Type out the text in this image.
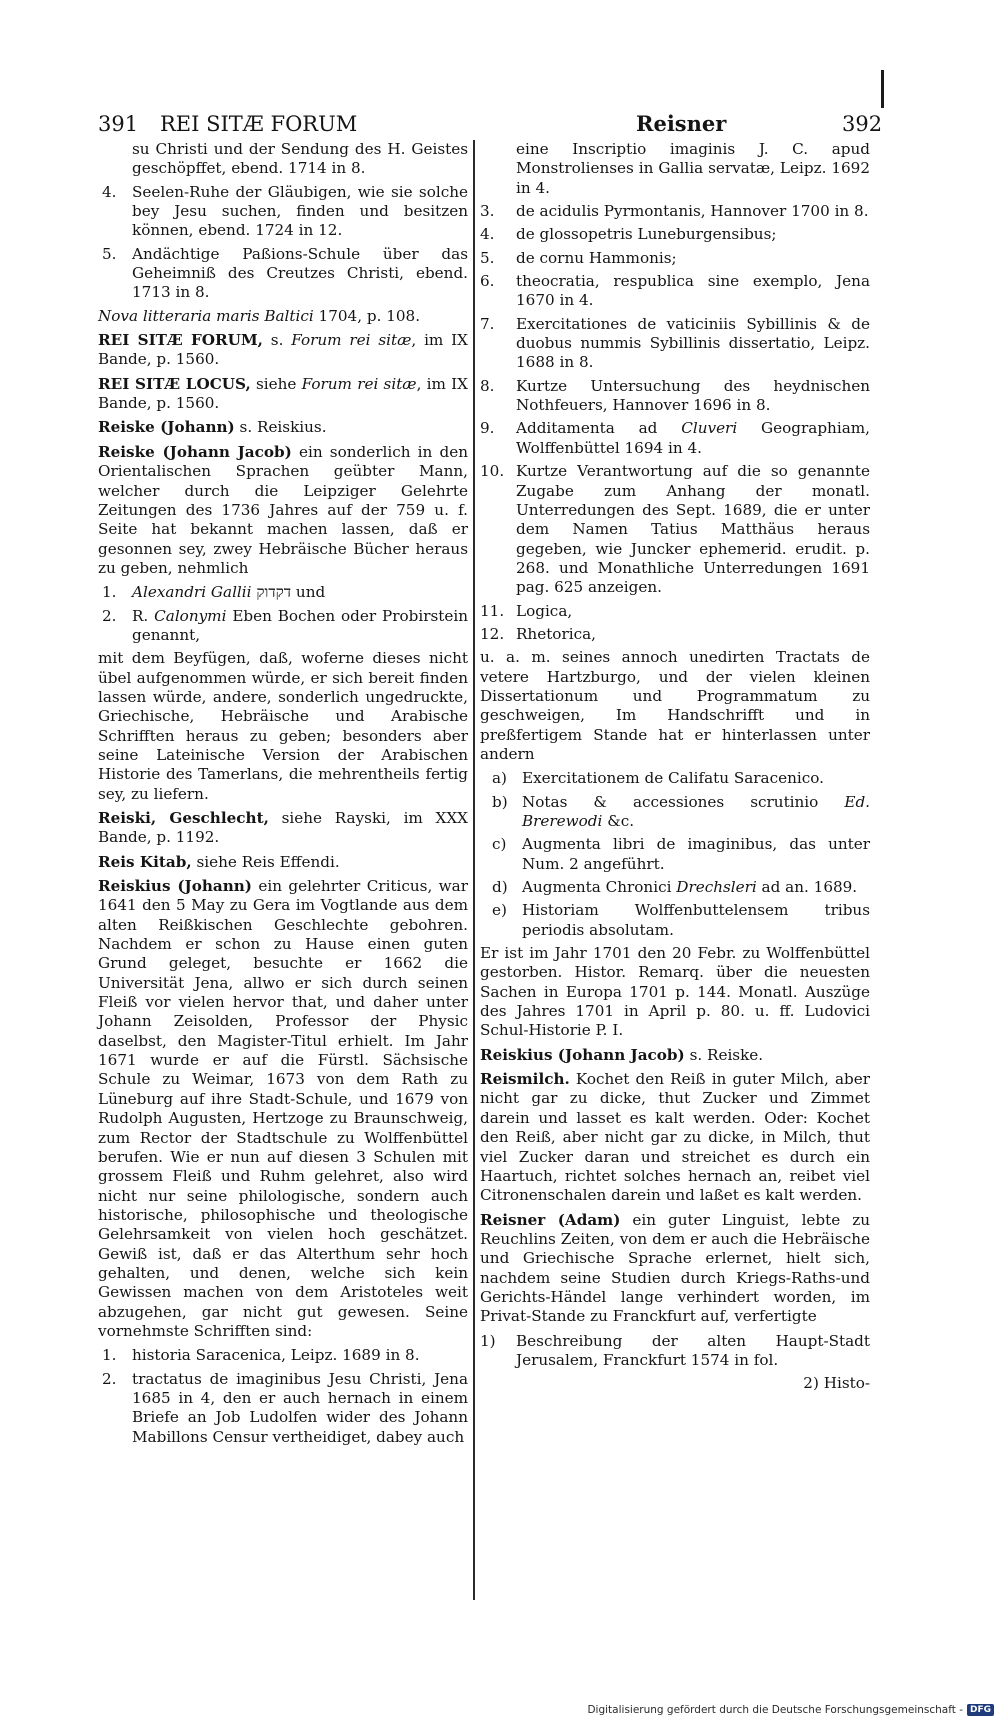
391 REI SITÆ FORUM	Reisner	392
su Christi und der Sendung des H. Geistes geschöpffet, ebend. 1714 in 8.
4.	Seelen-Ruhe der Gläubigen, wie sie solche bey Jesu suchen, finden und besitzen können, ebend. 1724 in 12.
5.	Andächtige Paßions-Schule über das Geheimniß des Creutzes Christi, ebend. 1713 in 8.

Nova litteraria maris Baltici 1704, p. 108.

REI SITÆ FORUM, s. Forum rei sitæ, im IX Bande, p. 1560.

REI SITÆ LOCUS, siehe Forum rei sitæ, im IX Bande, p. 1560.

Reiske (Johann) s. Reiskius.

Reiske (Johann Jacob) ein sonderlich in den Orientalischen Sprachen geübter Mann, welcher durch die Leipziger Gelehrte Zeitungen des 1736 Jahres auf der 759 u. f. Seite hat bekannt machen lassen, daß er gesonnen sey, zwey Hebräische Bücher heraus zu geben, nehmlich

1.	Alexandri Gallii דקדוק und
2.	R. Calonymi Eben Bochen oder Probirstein genannt,

mit dem Beyfügen, daß, woferne dieses nicht übel aufgenommen würde, er sich bereit finden lassen würde, andere, sonderlich ungedruckte, Griechische, Hebräische und Arabische Schrifften heraus zu geben; besonders aber seine Lateinische Version der Arabischen Historie des Tamerlans, die mehrentheils fertig sey, zu liefern.

Reiski, Geschlecht, siehe Rayski, im XXX Bande, p. 1192.

Reis Kitab, siehe Reis Effendi.

Reiskius (Johann) ein gelehrter Criticus, war 1641 den 5 May zu Gera im Vogtlande aus dem alten Reißkischen Geschlechte gebohren. Nachdem er schon zu Hause einen guten Grund geleget, besuchte er 1662 die Universität Jena, allwo er sich durch seinen Fleiß vor vielen hervor that, und daher unter Johann Zeisolden, Professor der Physic daselbst, den Magister-Titul erhielt. Im Jahr 1671 wurde er auf die Fürstl. Sächsische Schule zu Weimar, 1673 von dem Rath zu Lüneburg auf ihre Stadt-Schule, und 1679 von Rudolph Augusten, Hertzoge zu Braunschweig, zum Rector der Stadtschule zu Wolffenbüttel berufen. Wie er nun auf diesen 3 Schulen mit grossem Fleiß und Ruhm gelehret, also wird nicht nur seine philologische, sondern auch historische, philosophische und theologische Gelehrsamkeit von vielen hoch geschätzet. Gewiß ist, daß er das Alterthum sehr hoch gehalten, und denen, welche sich kein Gewissen machen von dem Aristoteles weit abzugehen, gar nicht gut gewesen. Seine vornehmste Schrifften sind:

1.	historia Saracenica, Leipz. 1689 in 8.
2.	tractatus de imaginibus Jesu Christi, Jena 1685 in 4, den er auch hernach in einem Briefe an Job Ludolfen wider des Johann Mabillons Censur vertheidiget, dabey auch
eine Inscriptio imaginis J. C. apud Monstrolienses in Gallia servatæ, Leipz. 1692 in 4.
3.	de acidulis Pyrmontanis, Hannover 1700 in 8.
4.	de glossopetris Luneburgensibus;
5.	de cornu Hammonis;
6.	theocratia, respublica sine exemplo, Jena 1670 in 4.
7.	Exercitationes de vaticiniis Sybillinis & de duobus nummis Sybillinis dissertatio, Leipz. 1688 in 8.
8.	Kurtze Untersuchung des heydnischen Nothfeuers, Hannover 1696 in 8.
9.	Additamenta ad Cluveri Geographiam, Wolffenbüttel 1694 in 4.
10. Kurtze Verantwortung auf die so genannte Zugabe zum Anhang der monatl. Unterredungen des Sept. 1689, die er unter dem Namen Tatius Matthäus heraus gegeben, wie Juncker ephemerid. erudit. p. 268. und Monathliche Unterredungen 1691 pag. 625 anzeigen.
11. Logica,
12. Rhetorica,

u. a. m. seines annoch unedirten Tractats de vetere Hartzburgo, und der vielen kleinen Dissertationum und Programmatum zu geschweigen, Im Handschrifft und in preßfertigem Stande hat er hinterlassen unter andern

a) Exercitationem de Califatu Saracenico.
b) Notas & accessiones scrutinio Ed. Brerewodi &c.
c)	Augmenta libri de imaginibus, das unter Num. 2 angeführt.
d) Augmenta Chronici Drechsleri ad an. 1689.
e) Historiam Wolffenbuttelensem tribus periodis absolutam.

Er ist im Jahr 1701 den 20 Febr. zu Wolffenbüttel gestorben. Histor. Remarq. über die neuesten Sachen in Europa 1701 p. 144. Monatl. Auszüge des Jahres 1701 in April p. 80. u. ff. Ludovici Schul-Historie P. I.

Reiskius (Johann Jacob) s. Reiske.

Reismilch. Kochet den Reiß in guter Milch, aber nicht gar zu dicke, thut Zucker und Zimmet darein und lasset es kalt werden. Oder: Kochet den Reiß, aber nicht gar zu dicke, in Milch, thut viel Zucker daran und streichet es durch ein Haartuch, richtet solches hernach an, reibet viel Citronenschalen darein und laßet es kalt werden.

Reisner (Adam) ein guter Linguist, lebte zu Reuchlins Zeiten, von dem er auch die Hebräische und Griechische Sprache erlernet, hielt sich, nachdem seine Studien durch Kriegs-Raths-und Gerichts-Händel lange verhindert worden, im Privat-Stande zu Franckfurt auf, verfertigte

1)	Beschreibung der alten Haupt-Stadt Jerusalem, Franckfurt 1574 in fol.
2) Histo-
Digitalisierung gefördert durch die Deutsche Forschungsgemeinschaft - DFG
